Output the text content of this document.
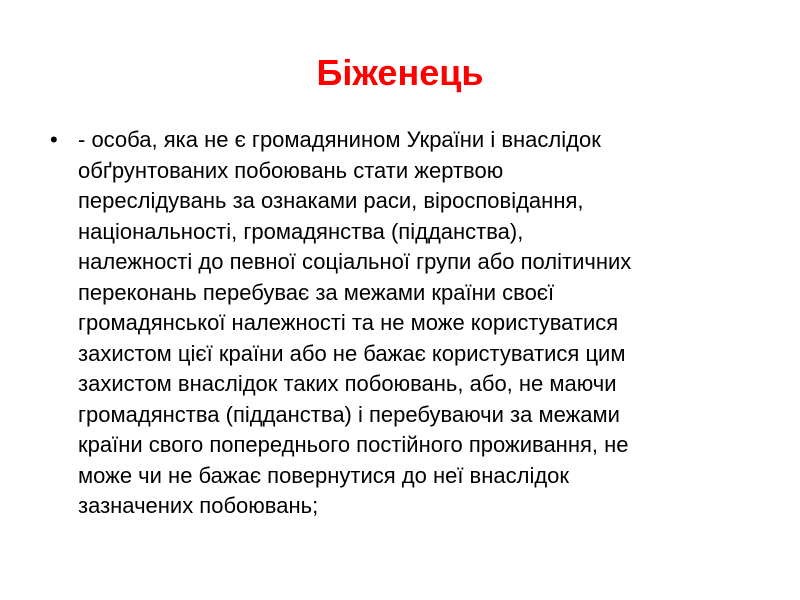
Біженець
• - особа, яка не є громадянином України і внаслідок
обґрунтованих побоювань стати жертвою
переслідувань за ознаками раси, віросповідання,
національності, громадянства (підданства),
належності до певної соціальної групи або політичних
переконань перебуває за межами країни своєї
громадянської належності та не може користуватися
захистом цієї країни або не бажає користуватися цим
захистом внаслідок таких побоювань, або, не маючи
громадянства (підданства) і перебуваючи за межами
країни свого попереднього постійного проживання, не
може чи не бажає повернутися до неї внаслідок
зазначених побоювань;
